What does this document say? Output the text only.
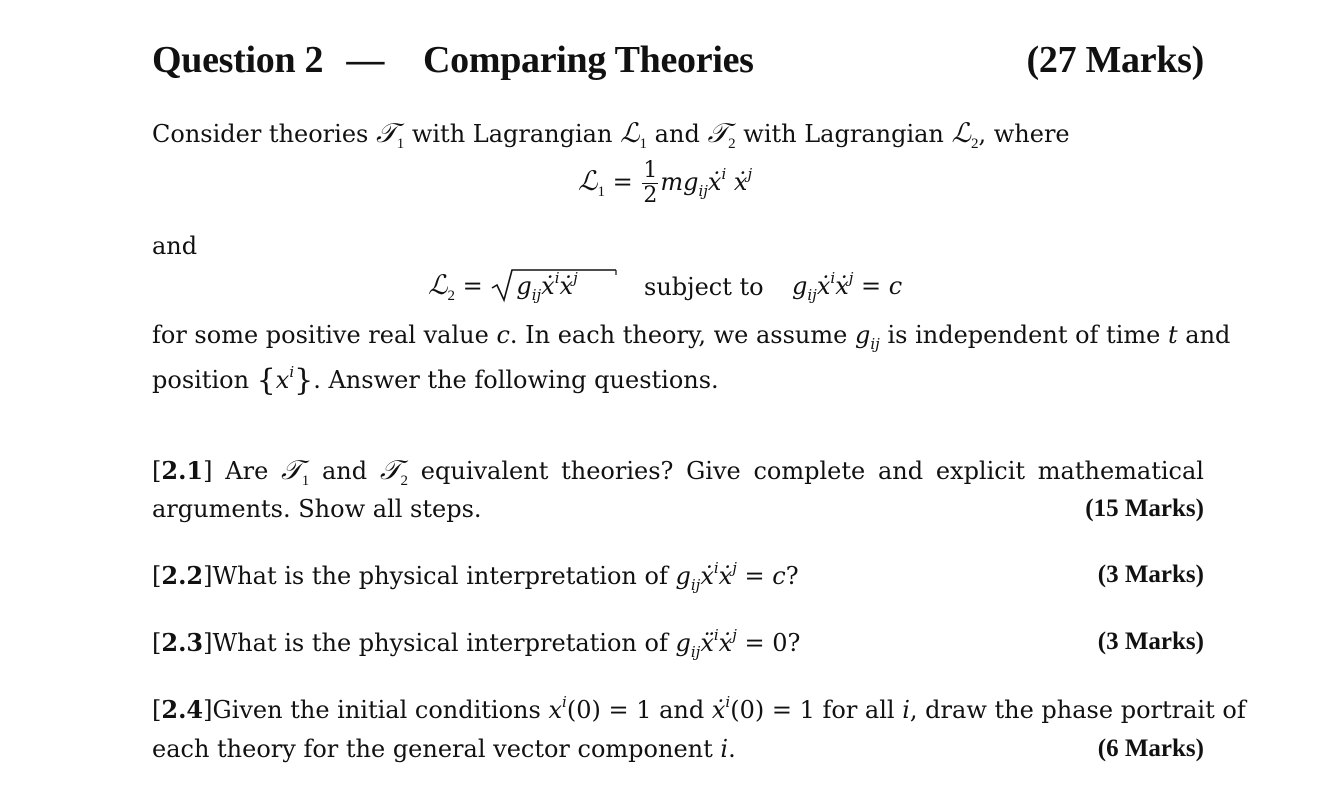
Question 2 — Comparing Theories	(27 Marks)
Consider theories 𝒯$_1$ with Lagrangian ℒ$_1$ and 𝒯$_2$ with Lagrangian ℒ$_2$, where
ℒ$_1$ = $\frac{1}{2}$ $mg_{ij}ẋ^i$ ẋ$^j$
and
ℒ$_2$ =
$g_{ij}ẋ^iẋ^j$	subject to $g_{ij}ẋ^iẋ^j = c$
for some positive real value c. In each theory, we assume $g_{ij}$ is independent of time t and
position $\{x^i\}$. Answer the following questions.
[2.1] Are 𝒯$_1$ and 𝒯$_2$ equivalent theories? Give complete and explicit mathematical
arguments. Show all steps.	(15 Marks)
[2.2]What is the physical interpretation of $g_{ij}ẋ^iẋ^j = c$?	(3 Marks)
[2.3]What is the physical interpretation of $g_{ij}ẍ^iẋ^j = 0$?	(3 Marks)
[2.4]Given the initial conditions $x^i(0) = 1$ and ẋ$^i$(0) = 1 for all i, draw the phase portrait of
each theory for the general vector component i.	(6 Marks)
